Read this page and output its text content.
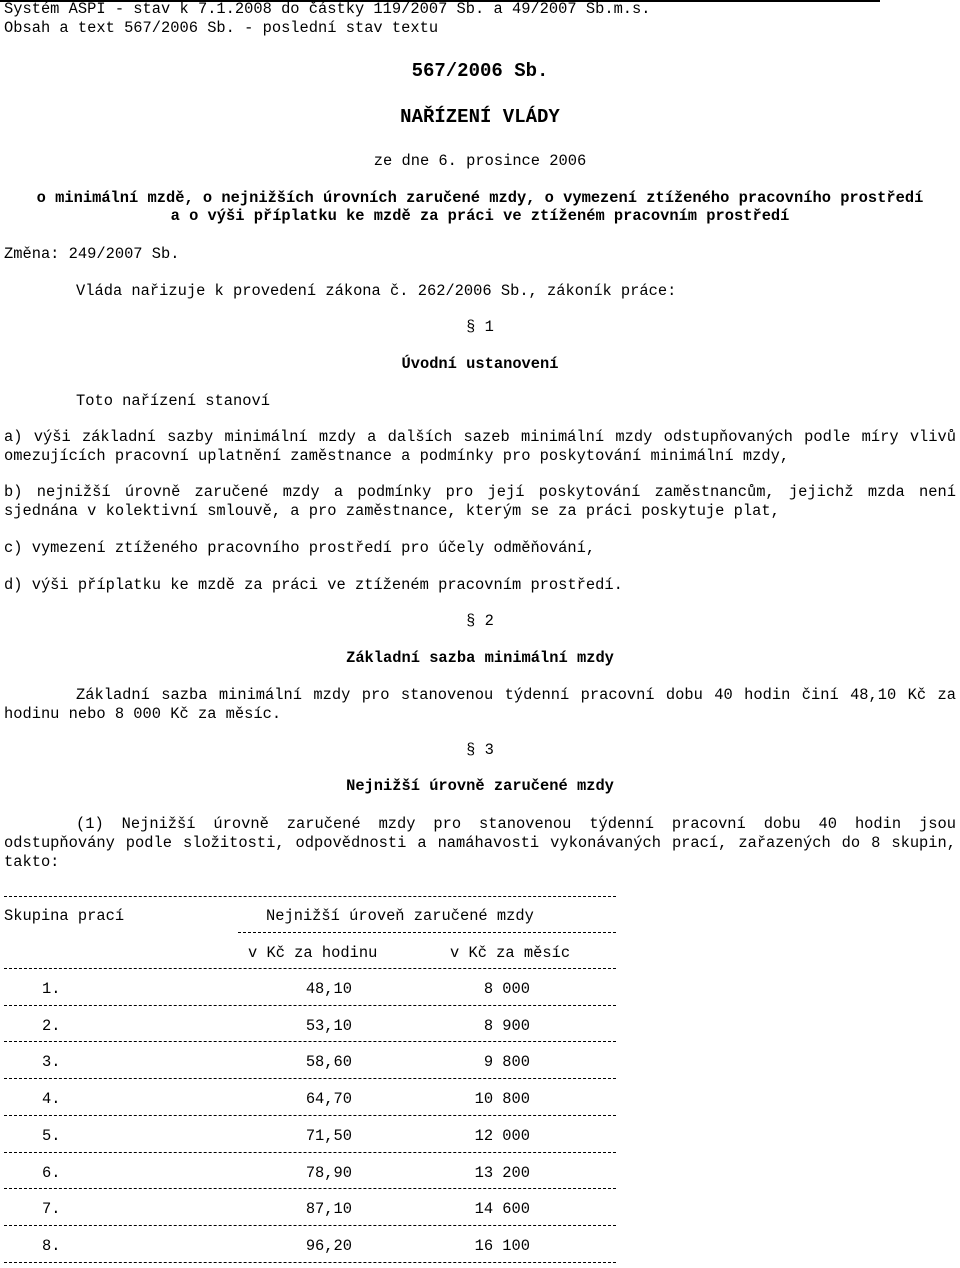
Systém ASPI - stav k 7.1.2008 do částky 119/2007 Sb. a 49/2007 Sb.m.s.
Obsah a text 567/2006 Sb. - poslední stav textu
567/2006 Sb.
NAŘÍZENÍ VLÁDY
ze dne 6. prosince 2006
o minimální mzdě, o nejnižších úrovních zaručené mzdy, o vymezení ztíženého pracovního prostředí
a o výši příplatku ke mzdě za práci ve ztíženém pracovním prostředí
Změna: 249/2007 Sb.
Vláda nařizuje k provedení zákona č. 262/2006 Sb., zákoník práce:
§ 1
Úvodní ustanovení
Toto nařízení stanoví
a) výši základní sazby minimální mzdy a dalších sazeb minimální mzdy odstupňovaných podle míry vlivů omezujících pracovní uplatnění zaměstnance a podmínky pro poskytování minimální mzdy,
b) nejnižší úrovně zaručené mzdy a podmínky pro její poskytování zaměstnancům, jejichž mzda není sjednána v kolektivní smlouvě, a pro zaměstnance, kterým se za práci poskytuje plat,
c) vymezení ztíženého pracovního prostředí pro účely odměňování,
d) výši příplatku ke mzdě za práci ve ztíženém pracovním prostředí.
§ 2
Základní sazba minimální mzdy
Základní sazba minimální mzdy pro stanovenou týdenní pracovní dobu 40 hodin činí 48,10 Kč za hodinu nebo 8 000 Kč za měsíc.
§ 3
Nejnižší úrovně zaručené mzdy
(1) Nejnižší úrovně zaručené mzdy pro stanovenou týdenní pracovní dobu 40 hodin jsou odstupňovány podle složitosti, odpovědnosti a namáhavosti vykonávaných prací, zařazených do 8 skupin, takto:
Skupina prací	Nejnižší úroveň zaručené mzdy
v Kč za hodinu	v Kč za měsíc
1.	48,10	8 000
2.	53,10	8 900
3.	58,60	9 800
4.	64,70	10 800
5.	71,50	12 000
6.	78,90	13 200
7.	87,10	14 600
8.	96,20	16 100
